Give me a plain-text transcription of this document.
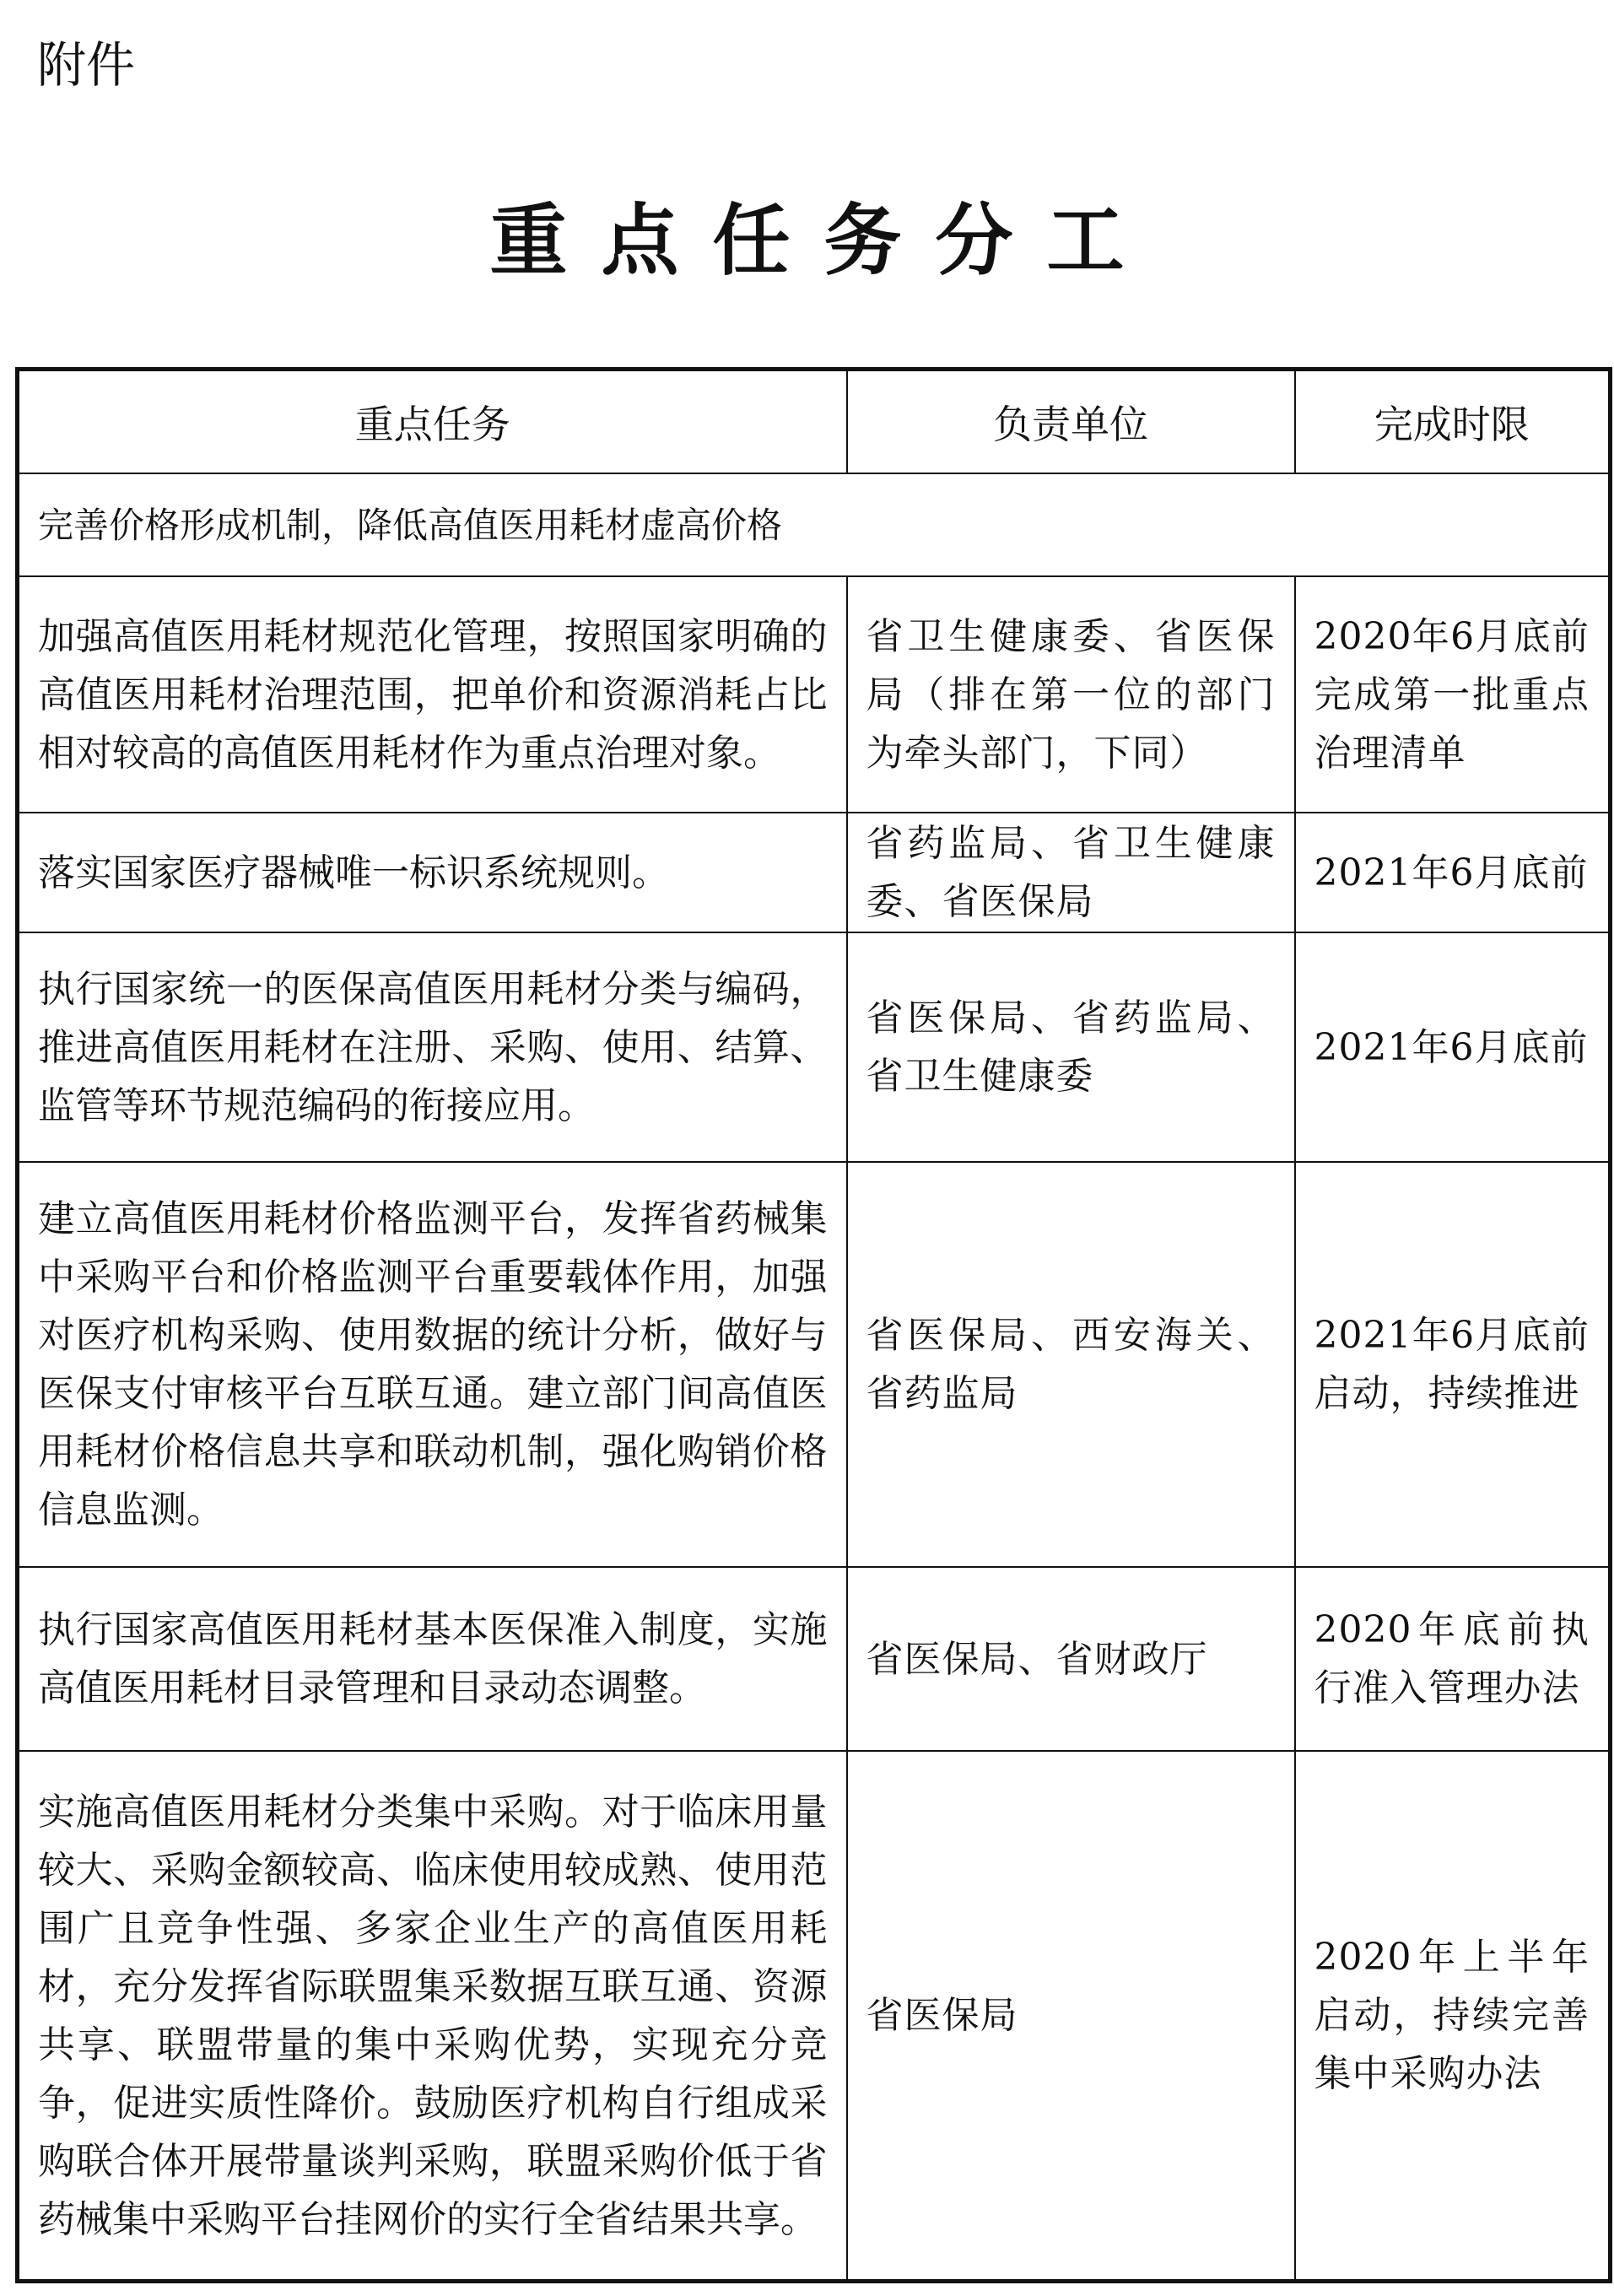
附件
重点任务分工
重点任务	负责单位	完成时限
完善价格形成机制，降低高值医用耗材虚高价格		
加强高值医用耗材规范化管理，按照国家明确的高值医用耗材治理范围，把单价和资源消耗占比相对较高的高值医用耗材作为重点治理对象。	省卫生健康委、省医保局（排在第一位的部门为牵头部门，下同）	2020年6月底前完成第一批重点治理清单
落实国家医疗器械唯一标识系统规则。	省药监局、省卫生健康委、省医保局	2021年6月底前
执行国家统一的医保高值医用耗材分类与编码，推进高值医用耗材在注册、采购、使用、结算、监管等环节规范编码的衔接应用。	省医保局、省药监局、省卫生健康委	2021年6月底前
建立高值医用耗材价格监测平台，发挥省药械集中采购平台和价格监测平台重要载体作用，加强对医疗机构采购、使用数据的统计分析，做好与医保支付审核平台互联互通。建立部门间高值医用耗材价格信息共享和联动机制，强化购销价格信息监测。	省医保局、西安海关、省药监局	2021年6月底前启动，持续推进
执行国家高值医用耗材基本医保准入制度，实施高值医用耗材目录管理和目录动态调整。	省医保局、省财政厅	2020年底前执行准入管理办法
实施高值医用耗材分类集中采购。对于临床用量较大、采购金额较高、临床使用较成熟、使用范围广且竞争性强、多家企业生产的高值医用耗材，充分发挥省际联盟集采数据互联互通、资源共享、联盟带量的集中采购优势，实现充分竞争，促进实质性降价。鼓励医疗机构自行组成采购联合体开展带量谈判采购，联盟采购价低于省药械集中采购平台挂网价的实行全省结果共享。	省医保局	2020年上半年启动，持续完善集中采购办法
